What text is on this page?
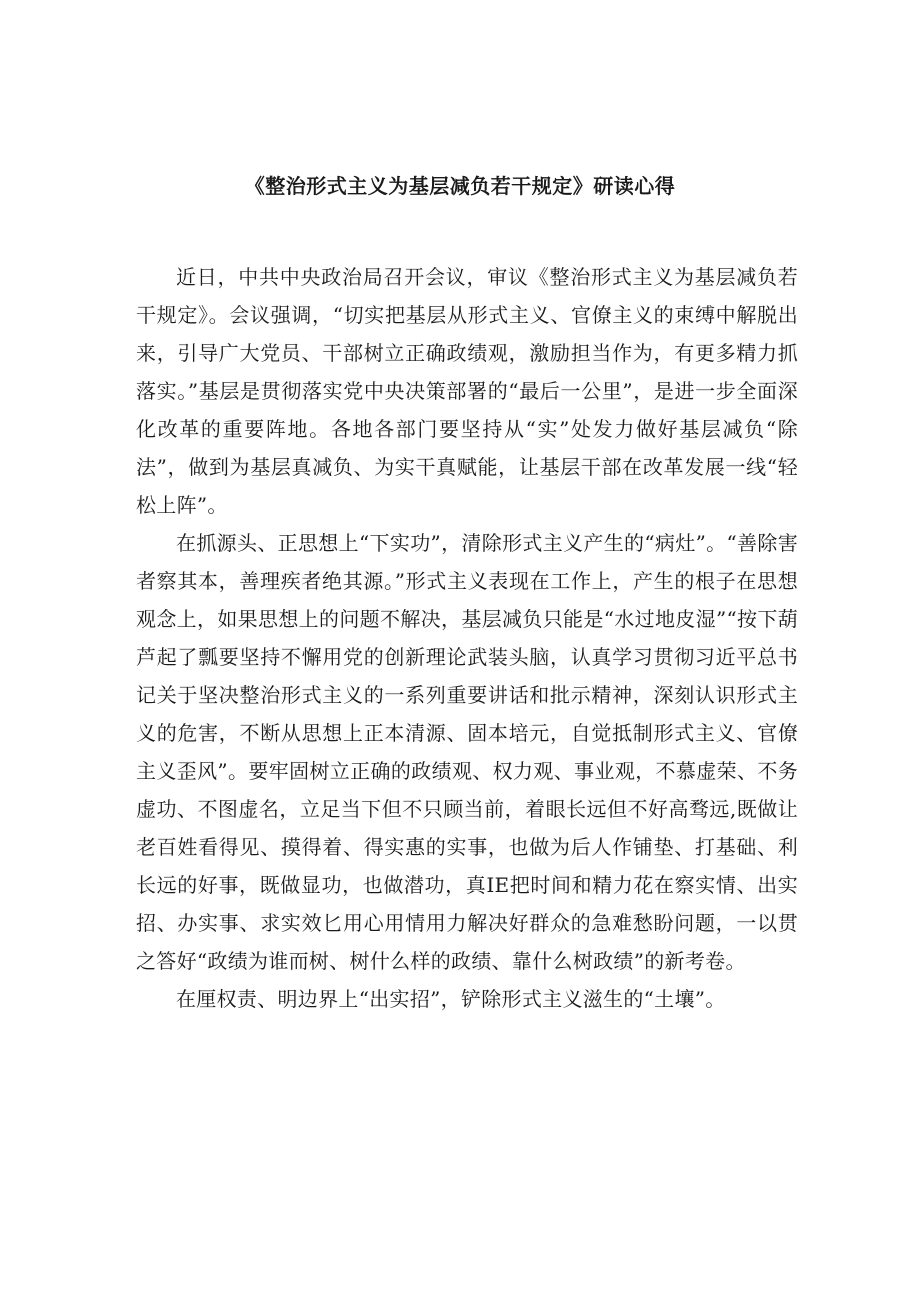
《整治形式主义为基层减负若干规定》研读心得

近日，中共中央政治局召开会议，审议《整治形式主义为基层减负若干规定》。会议强调，“切实把基层从形式主义、官僚主义的束缚中解脱出来，引导广大党员、干部树立正确政绩观，激励担当作为，有更多精力抓落实。”基层是贯彻落实党中央决策部署的“最后一公里”，是进一步全面深化改革的重要阵地。各地各部门要坚持从“实”处发力做好基层减负“除法”，做到为基层真减负、为实干真赋能，让基层干部在改革发展一线“轻松上阵”。

在抓源头、正思想上“下实功”，清除形式主义产生的“病灶”。“善除害者察其本，善理疾者绝其源。”形式主义表现在工作上，产生的根子在思想观念上，如果思想上的问题不解决，基层减负只能是“水过地皮湿”“按下葫芦起了瓢要坚持不懈用党的创新理论武装头脑，认真学习贯彻习近平总书记关于坚决整治形式主义的一系列重要讲话和批示精神，深刻认识形式主义的危害，不断从思想上正本清源、固本培元，自觉抵制形式主义、官僚主义歪风”。要牢固树立正确的政绩观、权力观、事业观，不慕虚荣、不务虚功、不图虚名，立足当下但不只顾当前，着眼长远但不好高骛远,既做让老百姓看得见、摸得着、得实惠的实事，也做为后人作铺垫、打基础、利长远的好事，既做显功，也做潜功，真IE把时间和精力花在察实情、出实招、办实事、求实效匕用心用情用力解决好群众的急难愁盼问题，一以贯之答好“政绩为谁而树、树什么样的政绩、靠什么树政绩”的新考卷。

在厘权责、明边界上“出实招”，铲除形式主义滋生的“土壤”。
